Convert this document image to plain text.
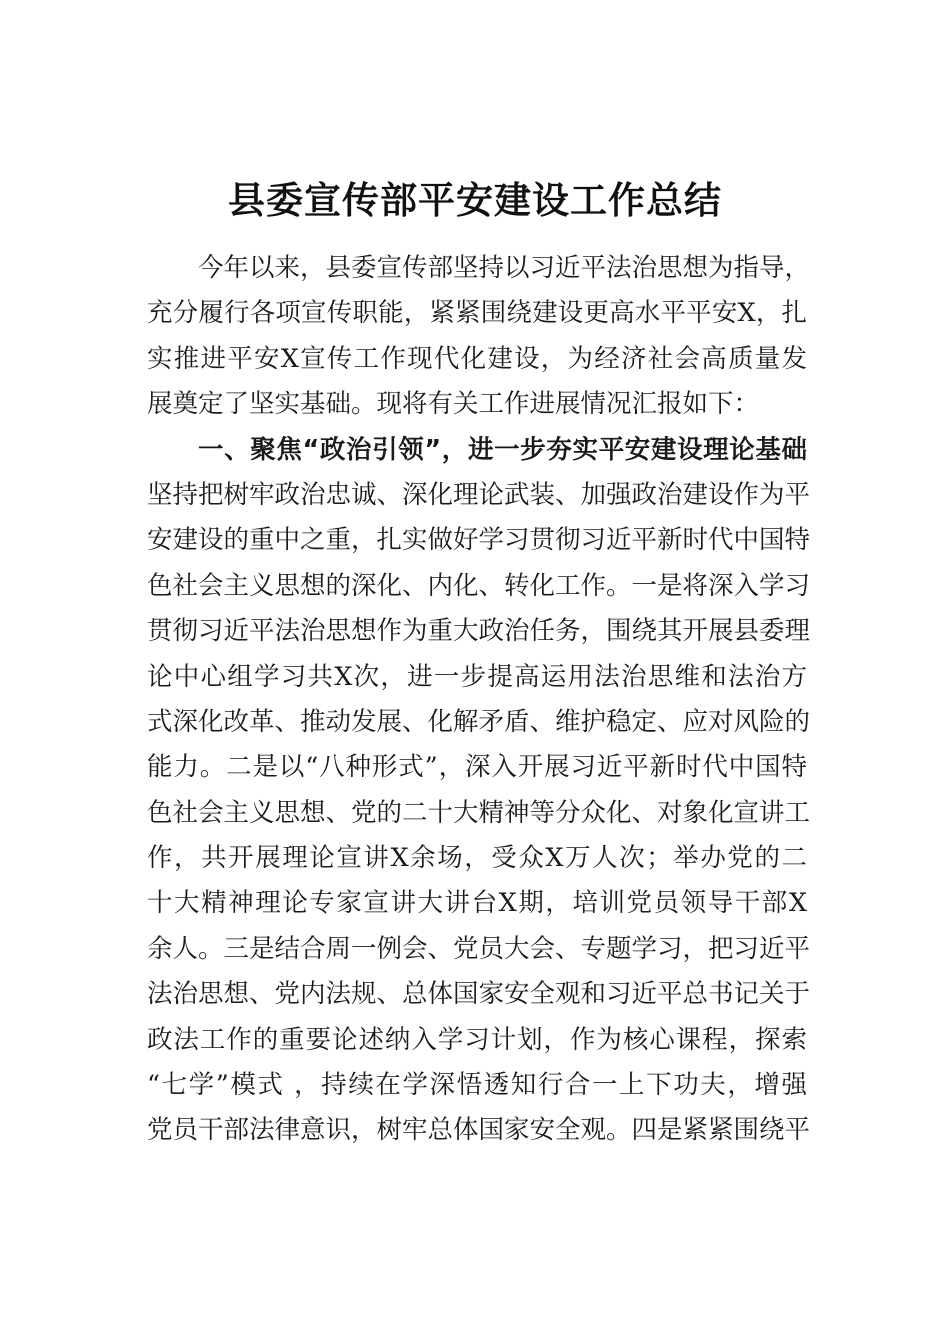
县委宣传部平安建设工作总结
今年以来，县委宣传部坚持以习近平法治思想为指导，
充分履行各项宣传职能，紧紧围绕建设更高水平平安X，扎
实推进平安X宣传工作现代化建设，为经济社会高质量发
展奠定了坚实基础。现将有关工作进展情况汇报如下：
一、聚焦“政治引领”，进一步夯实平安建设理论基础
坚持把树牢政治忠诚、深化理论武装、加强政治建设作为平
安建设的重中之重，扎实做好学习贯彻习近平新时代中国特
色社会主义思想的深化、内化、转化工作。一是将深入学习
贯彻习近平法治思想作为重大政治任务，围绕其开展县委理
论中心组学习共X次，进一步提高运用法治思维和法治方
式深化改革、推动发展、化解矛盾、维护稳定、应对风险的
能力。二是以“八种形式”，深入开展习近平新时代中国特
色社会主义思想、党的二十大精神等分众化、对象化宣讲工
作，共开展理论宣讲X余场，受众X万人次；举办党的二
十大精神理论专家宣讲大讲台X期，培训党员领导干部X
余人。三是结合周一例会、党员大会、专题学习，把习近平
法治思想、党内法规、总体国家安全观和习近平总书记关于
政法工作的重要论述纳入学习计划，作为核心课程，探索
“七学”模式 ，持续在学深悟透知行合一上下功夫，增强
党员干部法律意识，树牢总体国家安全观。四是紧紧围绕平
